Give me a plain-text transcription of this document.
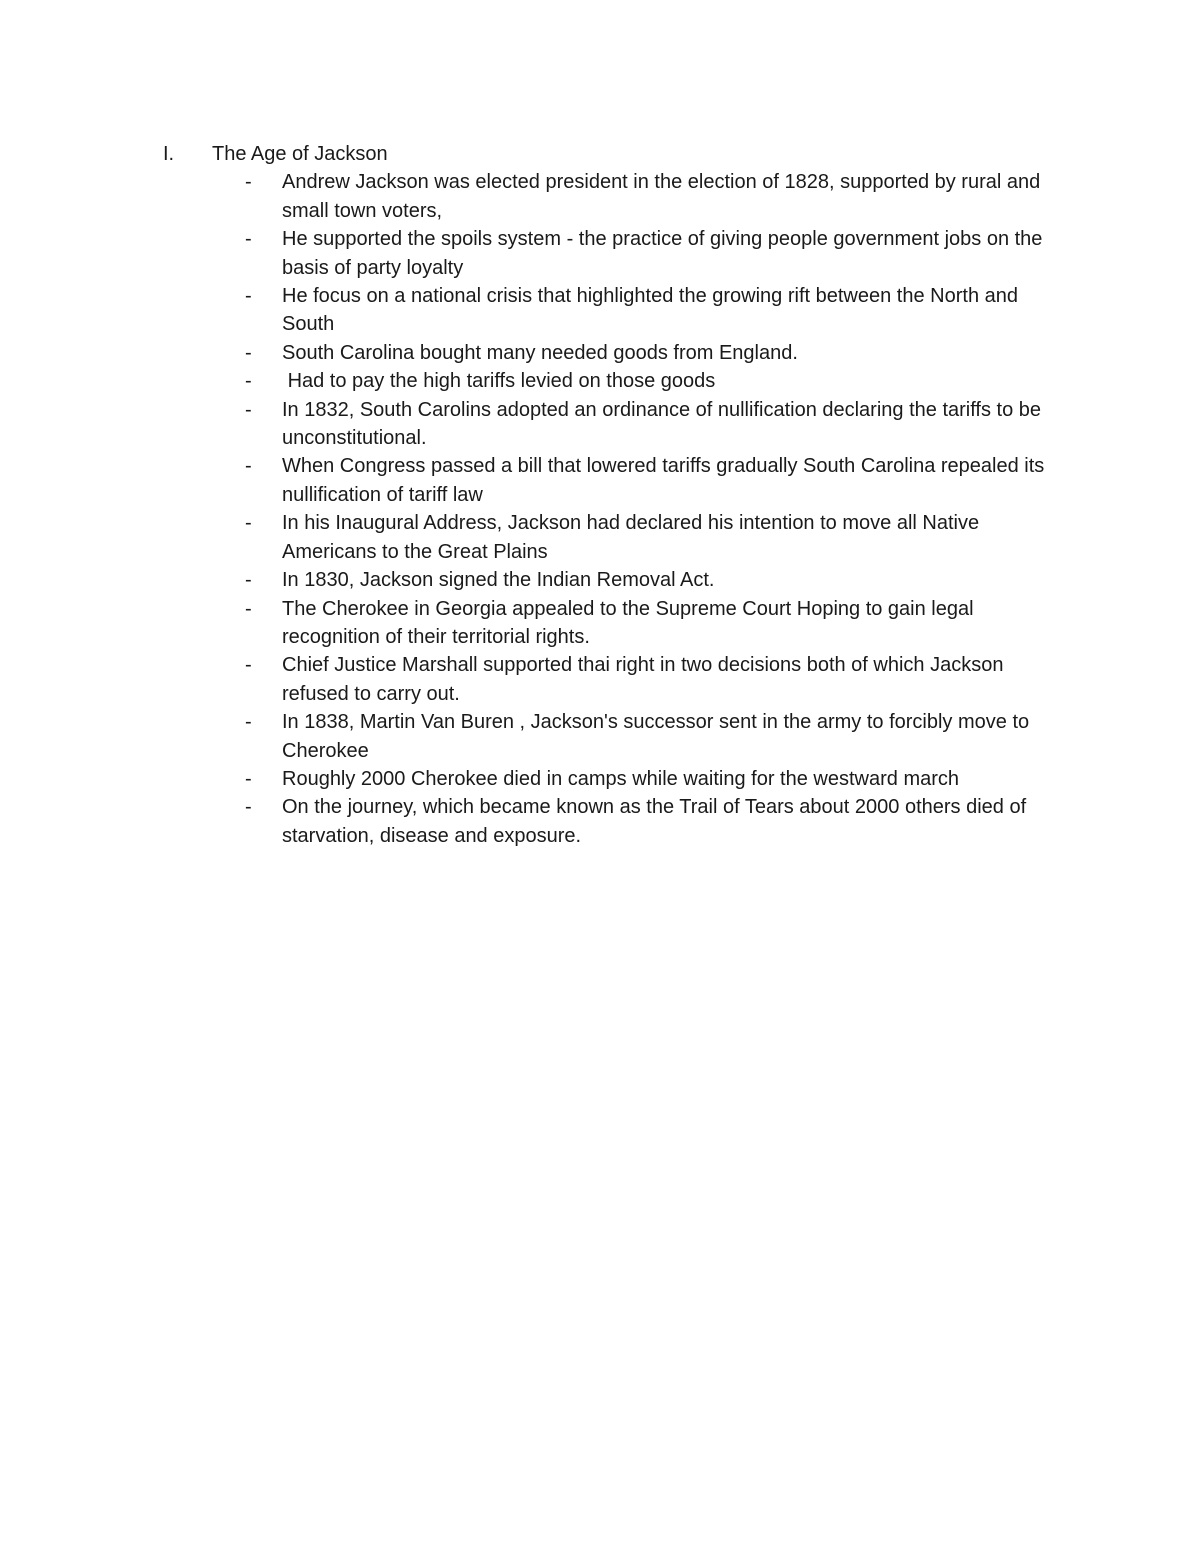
I.	The Age of Jackson
-	Andrew Jackson was elected president in the election of 1828, supported by rural and small town voters,
-	He supported the spoils system - the practice of giving people government jobs on the basis of party loyalty
-	He focus on a national crisis that highlighted the growing rift between the North and South
-	South Carolina bought many needed goods from England.
-	Had to pay the high tariffs levied on those goods
-	In 1832, South Carolins adopted an ordinance of nullification declaring the tariffs to be unconstitutional.
-	When Congress passed a bill that lowered tariffs gradually South Carolina repealed its nullification of tariff law
-	In his Inaugural Address, Jackson had declared his intention to move all Native Americans to the Great Plains
-	In 1830, Jackson signed the Indian Removal Act.
-	The Cherokee in Georgia appealed to the Supreme Court Hoping to gain legal recognition of their territorial rights.
-	Chief Justice Marshall supported thai right in two decisions both of which Jackson refused to carry out.
-	In 1838, Martin Van Buren , Jackson's successor sent in the army to forcibly move to Cherokee
-	Roughly 2000 Cherokee died in camps while waiting for the westward march
-	On the journey, which became known as the Trail of Tears about 2000 others died of starvation, disease and exposure.
